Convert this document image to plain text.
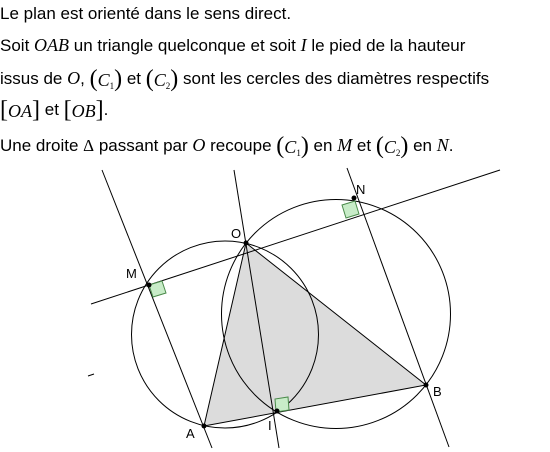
Le plan est orienté dans le sens direct.
Soit OAB un triangle quelconque et soit I le pied de la hauteur
issus de O, $(C_1)$ et $(C_2)$ sont les cercles des diamètres respectifs
[OA] et [OB].
Une droite Δ passant par O recoupe $(C_1)$ en M et $(C_2)$ en N.
O
A
B
I
M
N
